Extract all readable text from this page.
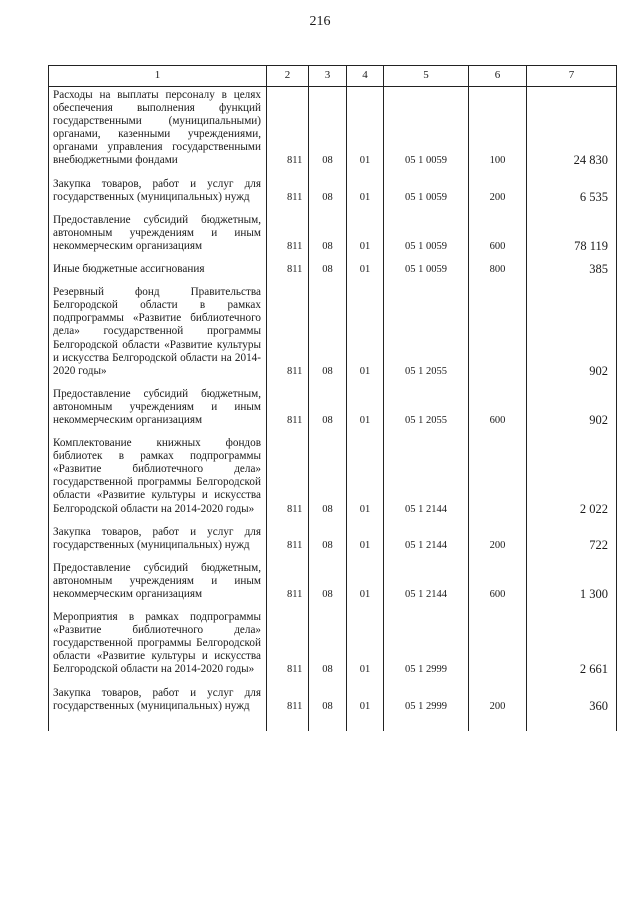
216
1	2	3	4	5	6	7
Расходы на выплаты персоналу в целях обеспечения выполнения функций государственными (муниципальными) органами, казенными учреждениями, органами управления государственными внебюджетными фондами	811	08	01	05 1 0059	100	24 830
Закупка товаров, работ и услуг для государственных (муниципальных) нужд	811	08	01	05 1 0059	200	6 535
Предоставление субсидий бюджетным, автономным учреждениям и иным некоммерческим организациям	811	08	01	05 1 0059	600	78 119
Иные бюджетные ассигнования	811	08	01	05 1 0059	800	385
Резервный фонд Правительства Белгородской области в рамках подпрограммы «Развитие библиотечного дела» государственной программы Белгородской области «Развитие культуры и искусства Белгородской области на 2014-2020 годы»	811	08	01	05 1 2055		902
Предоставление субсидий бюджетным, автономным учреждениям и иным некоммерческим организациям	811	08	01	05 1 2055	600	902
Комплектование книжных фондов библиотек в рамках подпрограммы «Развитие библиотечного дела» государственной программы Белгородской области «Развитие культуры и искусства Белгородской области на 2014-2020 годы»	811	08	01	05 1 2144		2 022
Закупка товаров, работ и услуг для государственных (муниципальных) нужд	811	08	01	05 1 2144	200	722
Предоставление субсидий бюджетным, автономным учреждениям и иным некоммерческим организациям	811	08	01	05 1 2144	600	1 300
Мероприятия в рамках подпрограммы «Развитие библиотечного дела» государственной программы Белгородской области «Развитие культуры и искусства Белгородской области на 2014-2020 годы»	811	08	01	05 1 2999		2 661
Закупка товаров, работ и услуг для государственных (муниципальных) нужд	811	08	01	05 1 2999	200	360
